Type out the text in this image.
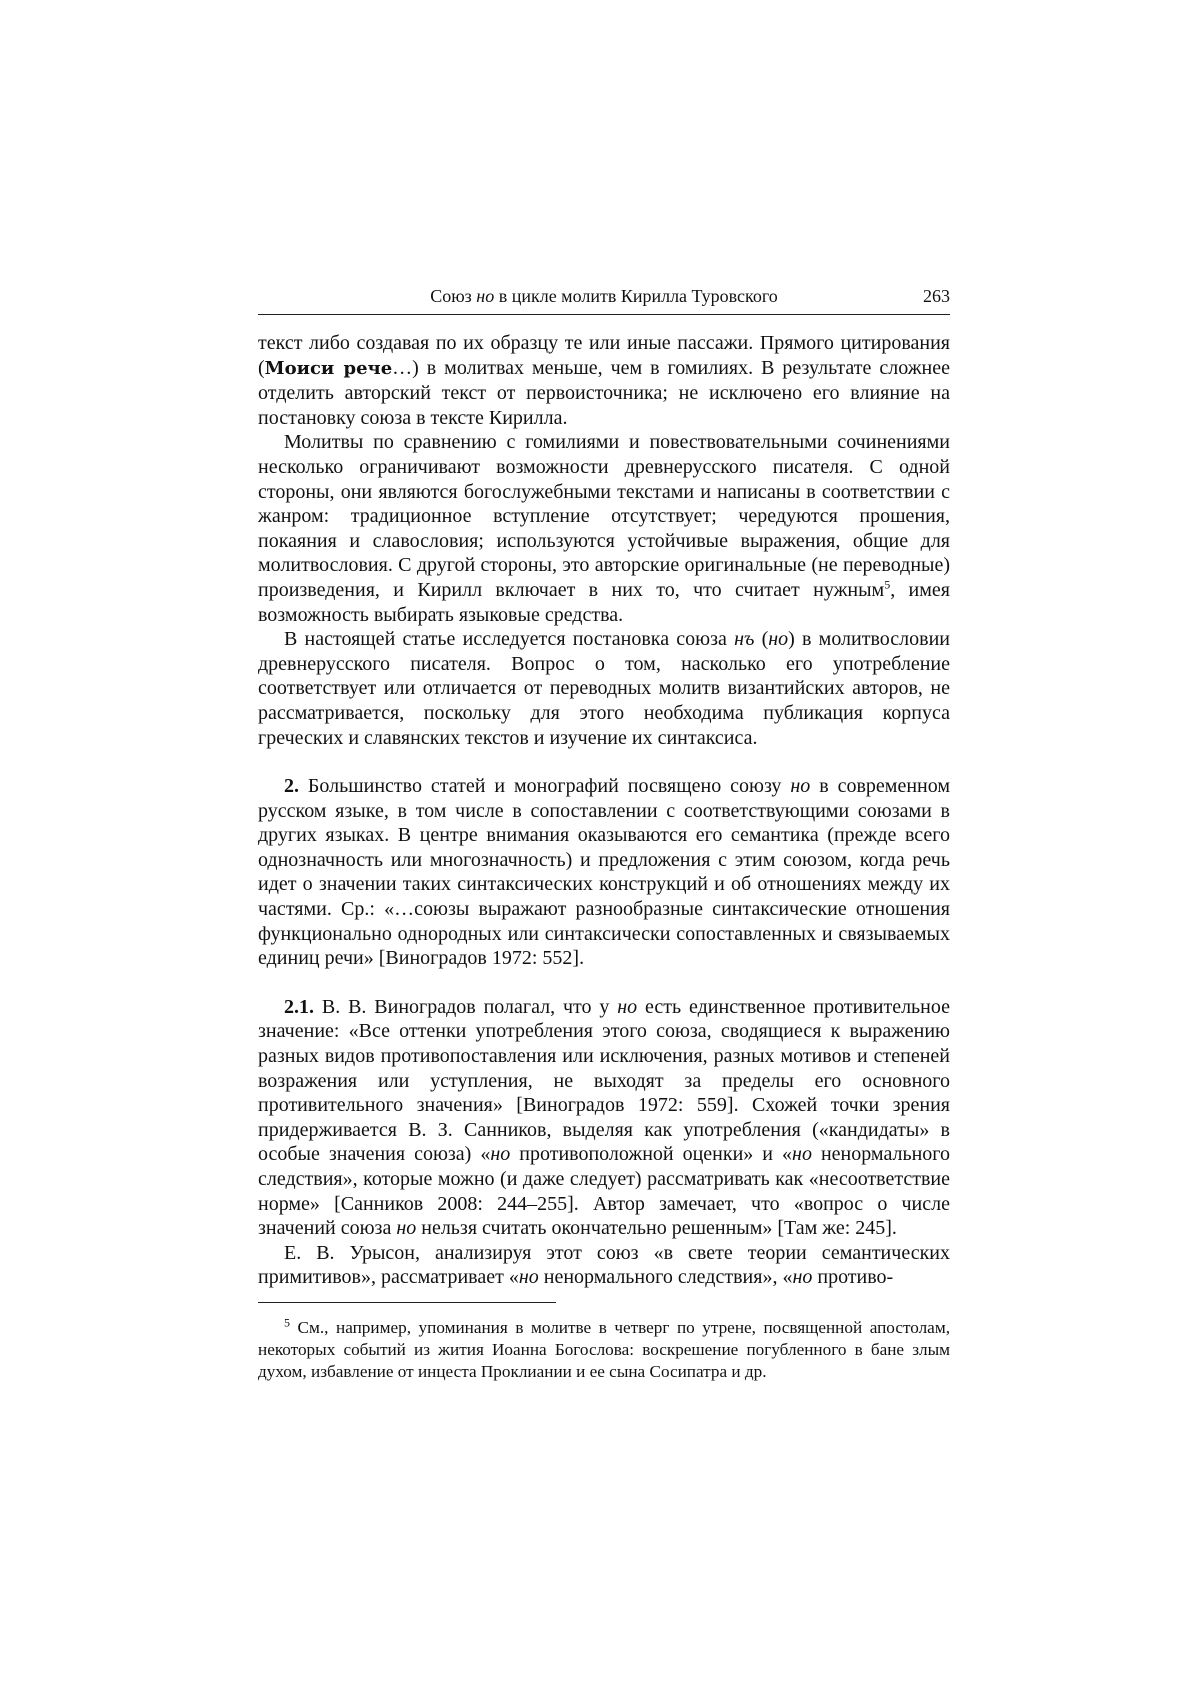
Союз но в цикле молитв Кирилла Туровского	263

текст либо создавая по их образцу те или иные пассажи. Прямого цитирования (Моиси рече…) в молитвах меньше, чем в гомилиях. В результате сложнее отделить авторский текст от первоисточника; не исключено его влияние на постановку союза в тексте Кирилла.

Молитвы по сравнению с гомилиями и повествовательными сочинениями несколько ограничивают возможности древнерусского писателя. С одной стороны, они являются богослужебными текстами и написаны в соответствии с жанром: традиционное вступление отсутствует; чередуются прошения, покаяния и славословия; используются устойчивые выражения, общие для молитвословия. С другой стороны, это авторские оригинальные (не переводные) произведения, и Кирилл включает в них то, что считает нужным$^5$, имея возможность выбирать языковые средства.

В настоящей статье исследуется постановка союза нъ (но) в молитвословии древнерусского писателя. Вопрос о том, насколько его употребление соответствует или отличается от переводных молитв византийских авторов, не рассматривается, поскольку для этого необходима публикация корпуса греческих и славянских текстов и изучение их синтаксиса.

2. Большинство статей и монографий посвящено союзу но в современном русском языке, в том числе в сопоставлении с соответствующими союзами в других языках. В центре внимания оказываются его семантика (прежде всего однозначность или многозначность) и предложения с этим союзом, когда речь идет о значении таких синтаксических конструкций и об отношениях между их частями. Ср.: «…союзы выражают разнообразные синтаксические отношения функционально однородных или синтаксически сопоставленных и связываемых единиц речи» [Виноградов 1972: 552].

2.1. В. В. Виноградов полагал, что у но есть единственное противительное значение: «Все оттенки употребления этого союза, сводящиеся к выражению разных видов противопоставления или исключения, разных мотивов и степеней возражения или уступления, не выходят за пределы его основного противительного значения» [Виноградов 1972: 559]. Схожей точки зрения придерживается В. З. Санников, выделяя как употребления («кандидаты» в особые значения союза) «но противоположной оценки» и «но ненормального следствия», которые можно (и даже следует) рассматривать как «несоответствие норме» [Санников 2008: 244–255]. Автор замечает, что «вопрос о числе значений союза но нельзя считать окончательно решенным» [Там же: 245].

Е. В. Урысон, анализируя этот союз «в свете теории семантических примитивов», рассматривает «но ненормального следствия», «но противо-

$^5$ См., например, упоминания в молитве в четверг по утрене, посвященной апостолам, некоторых событий из жития Иоанна Богослова: воскрешение погубленного в бане злым духом, избавление от инцеста Проклиании и ее сына Сосипатра и др.
